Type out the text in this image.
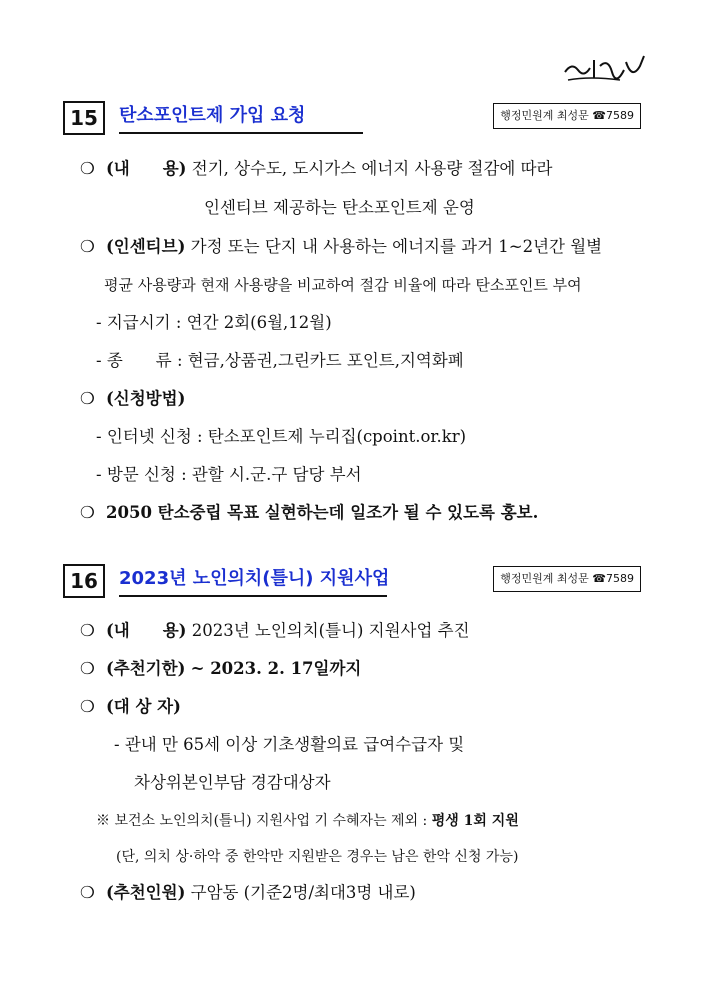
15	탄소포인트제 가입 요청	행정민원계 최성문 ☎7589
❍ (내　　용) 전기, 상수도, 도시가스 에너지 사용량 절감에 따라
인센티브 제공하는 탄소포인트제 운영
❍ (인센티브) 가정 또는 단지 내 사용하는 에너지를 과거 1~2년간 월별
평균 사용량과 현재 사용량을 비교하여 절감 비율에 따라 탄소포인트 부여
- 지급시기 : 연간 2회(6월,12월)
- 종　　류 : 현금,상품권,그린카드 포인트,지역화폐
❍ (신청방법)
- 인터넷 신청 : 탄소포인트제 누리집(cpoint.or.kr)
- 방문 신청 : 관할 시.군.구 담당 부서
❍ 2050 탄소중립 목표 실현하는데 일조가 될 수 있도록 홍보.
16	2023년 노인의치(틀니) 지원사업	행정민원계 최성문 ☎7589
❍ (내　　용) 2023년 노인의치(틀니) 지원사업 추진
❍ (추천기한) ~ 2023. 2. 17일까지
❍ (대 상 자)
- 관내 만 65세 이상 기초생활의료 급여수급자 및
차상위본인부담 경감대상자
※ 보건소 노인의치(틀니) 지원사업 기 수혜자는 제외 : 평생 1회 지원
(단, 의치 상·하악 중 한악만 지원받은 경우는 남은 한악 신청 가능)
❍ (추천인원) 구암동 (기준2명/최대3명 내로)
